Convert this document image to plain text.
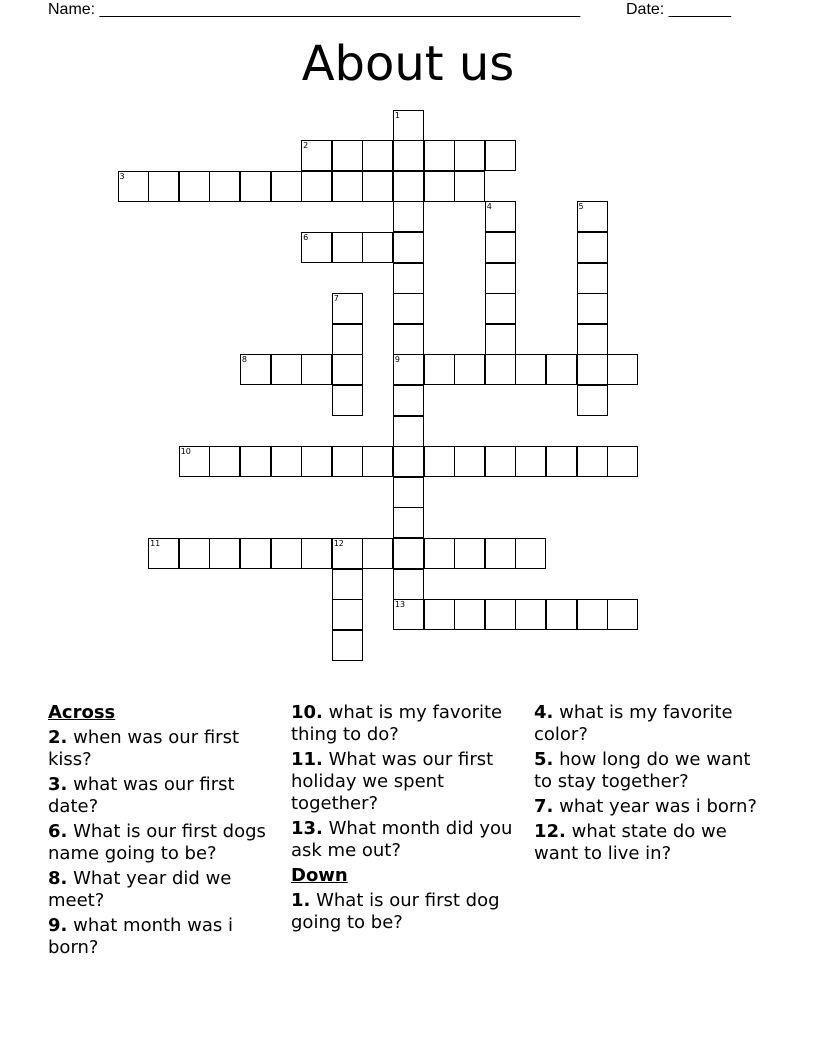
Name: ______________________________________________________	Date: _______
About us
1
2
3
4	5
6
7
8	9
10
11	12
13
Across
2. when was our first kiss?
3. what was our first date?
6. What is our first dogs name going to be?
8. What year did we meet?
9. what month was i born?
10. what is my favorite thing to do?
11. What was our first holiday we spent together?
13. What month did you ask me out?
Down
1. What is our first dog going to be?
4. what is my favorite color?
5. how long do we want to stay together?
7. what year was i born?
12. what state do we want to live in?
